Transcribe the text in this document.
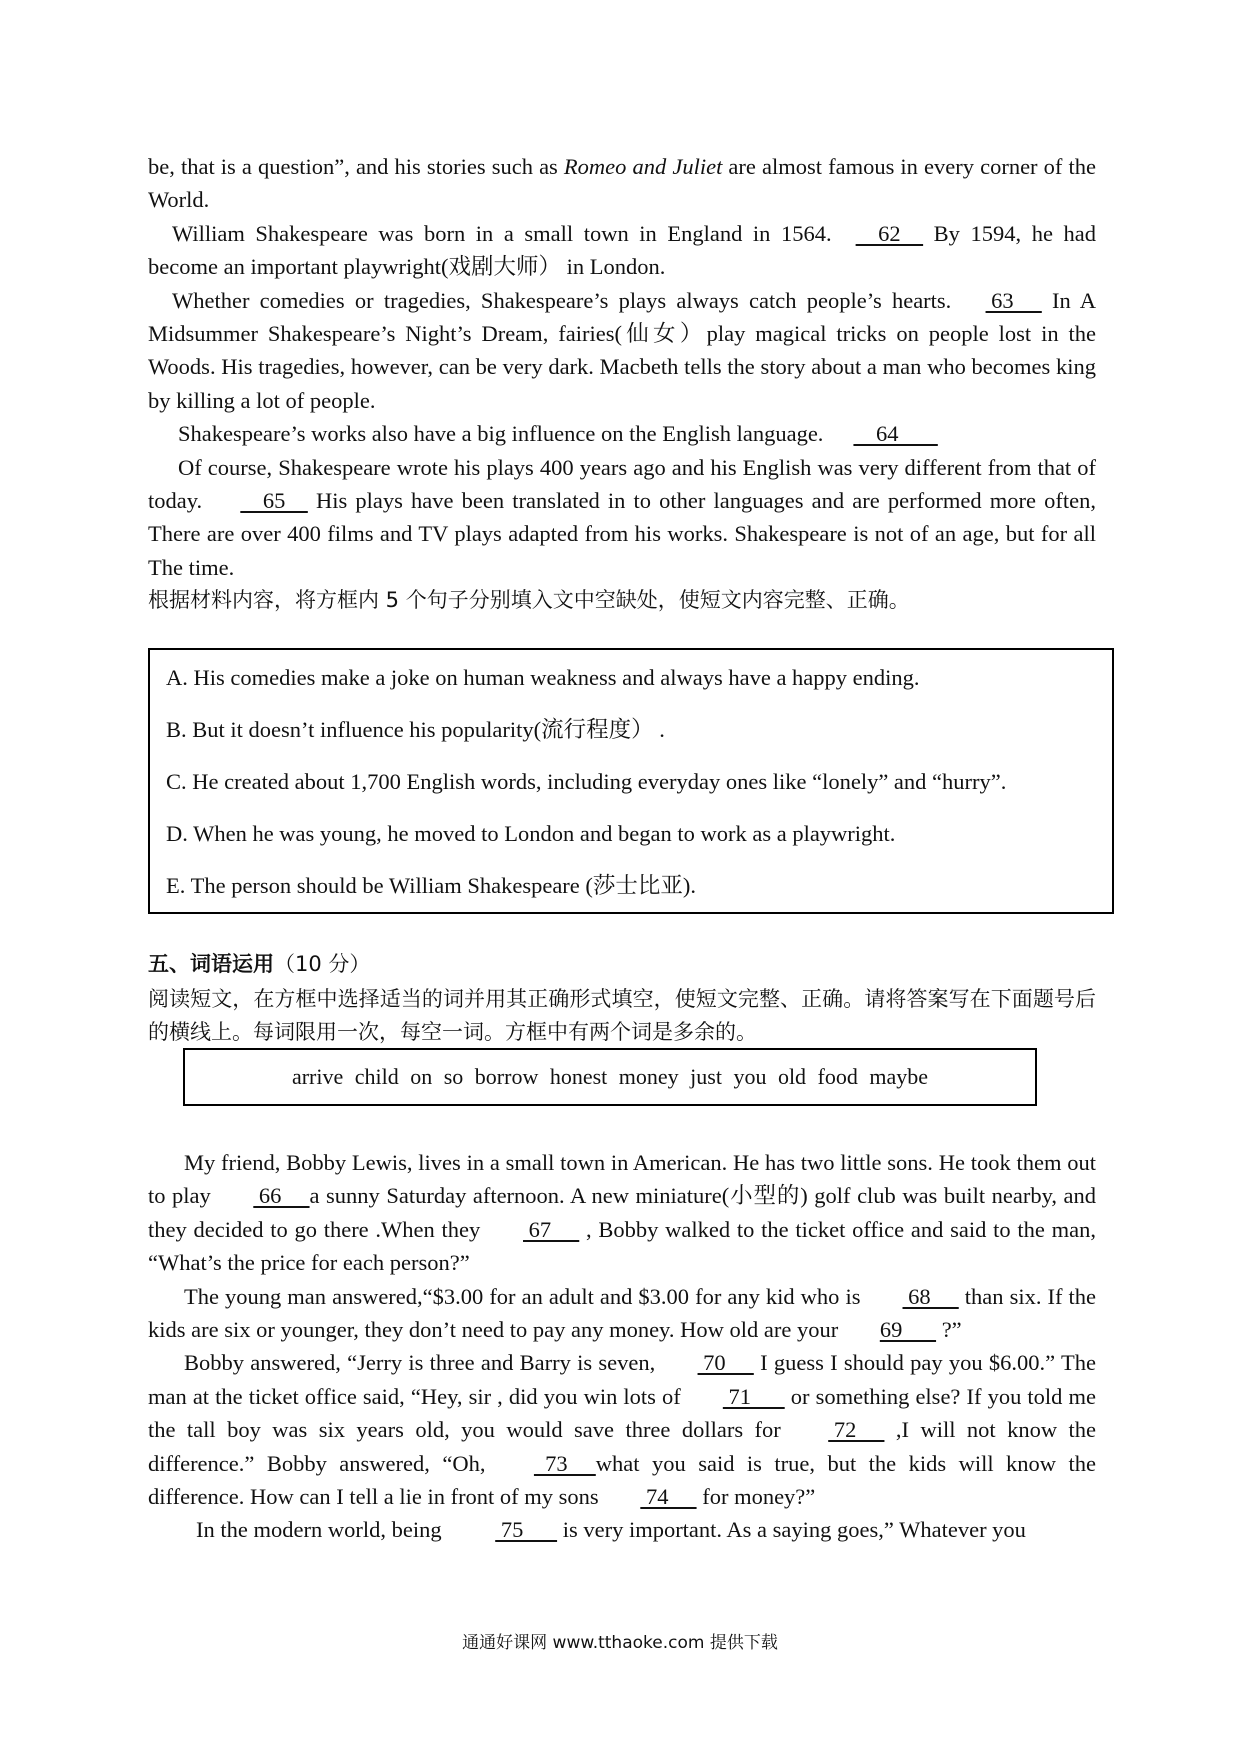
be, that is a question”, and his stories such as Romeo and Juliet are almost famous in every corner of the World.

William Shakespeare was born in a small town in England in 1564.    62     By 1594, he had become an important playwright(戏剧大师） in London.

Whether comedies or tragedies, Shakespeare’s plays always catch people’s hearts.  63      In A Midsummer Shakespeare’s Night’s Dream, fairies(仙女）play magical tricks on people lost in the Woods. His tragedies, however, can be very dark. Macbeth tells the story about a man who becomes king by killing a lot of people.

Shakespeare’s works also have a big influence on the English language.    64

Of course, Shakespeare wrote his plays 400 years ago and his English was very different from that of today.     65     His plays have been translated in to other languages and are performed more often, There are over 400 films and TV plays adapted from his works. Shakespeare is not of an age, but for all The time.

根据材料内容，将方框内 5 个句子分别填入文中空缺处，使短文内容完整、正确。

A. His comedies make a joke on human weakness and always have a happy ending.
B. But it doesn’t influence his popularity(流行程度） .
C. He created about 1,700 English words, including everyday ones like “lonely” and “hurry”.
D. When he was young, he moved to London and began to work as a playwright.
E. The person should be William Shakespeare (莎士比亚).
五、词语运用（10 分）
阅读短文，在方框中选择适当的词并用其正确形式填空，使短文完整、正确。请将答案写在下面题号后的横线上。每词限用一次，每空一词。方框中有两个词是多余的。
arrive child on so borrow honest money just you old food maybe

My friend, Bobby Lewis, lives in a small town in American. He has two little sons. He took them out to play  66     a sunny Saturday afternoon. A new miniature(小型的) golf club was built nearby, and they decided to go there .When they  67      , Bobby walked to the ticket office and said to the man, “What’s the price for each person?”

The young man answered,“$3.00 for an adult and $3.00 for any kid who is  68      than six. If the kids are six or younger, they don’t need to pay any money. How old are your 69       ?”

Bobby answered, “Jerry is three and Barry is seven,  70      I guess I should pay you $6.00.” The man at the ticket office said, “Hey, sir , did you win lots of  71       or something else? If you told me the tall boy was six years old, you would save three dollars for  72      ,I will not know the difference.” Bobby answered, “Oh,   73     what you said is true, but the kids will know the difference. How can I tell a lie in front of my sons  74      for money?”

In the modern world, being  75       is very important. As a saying goes,” Whatever you

通通好课网 www.tthaoke.com 提供下载
